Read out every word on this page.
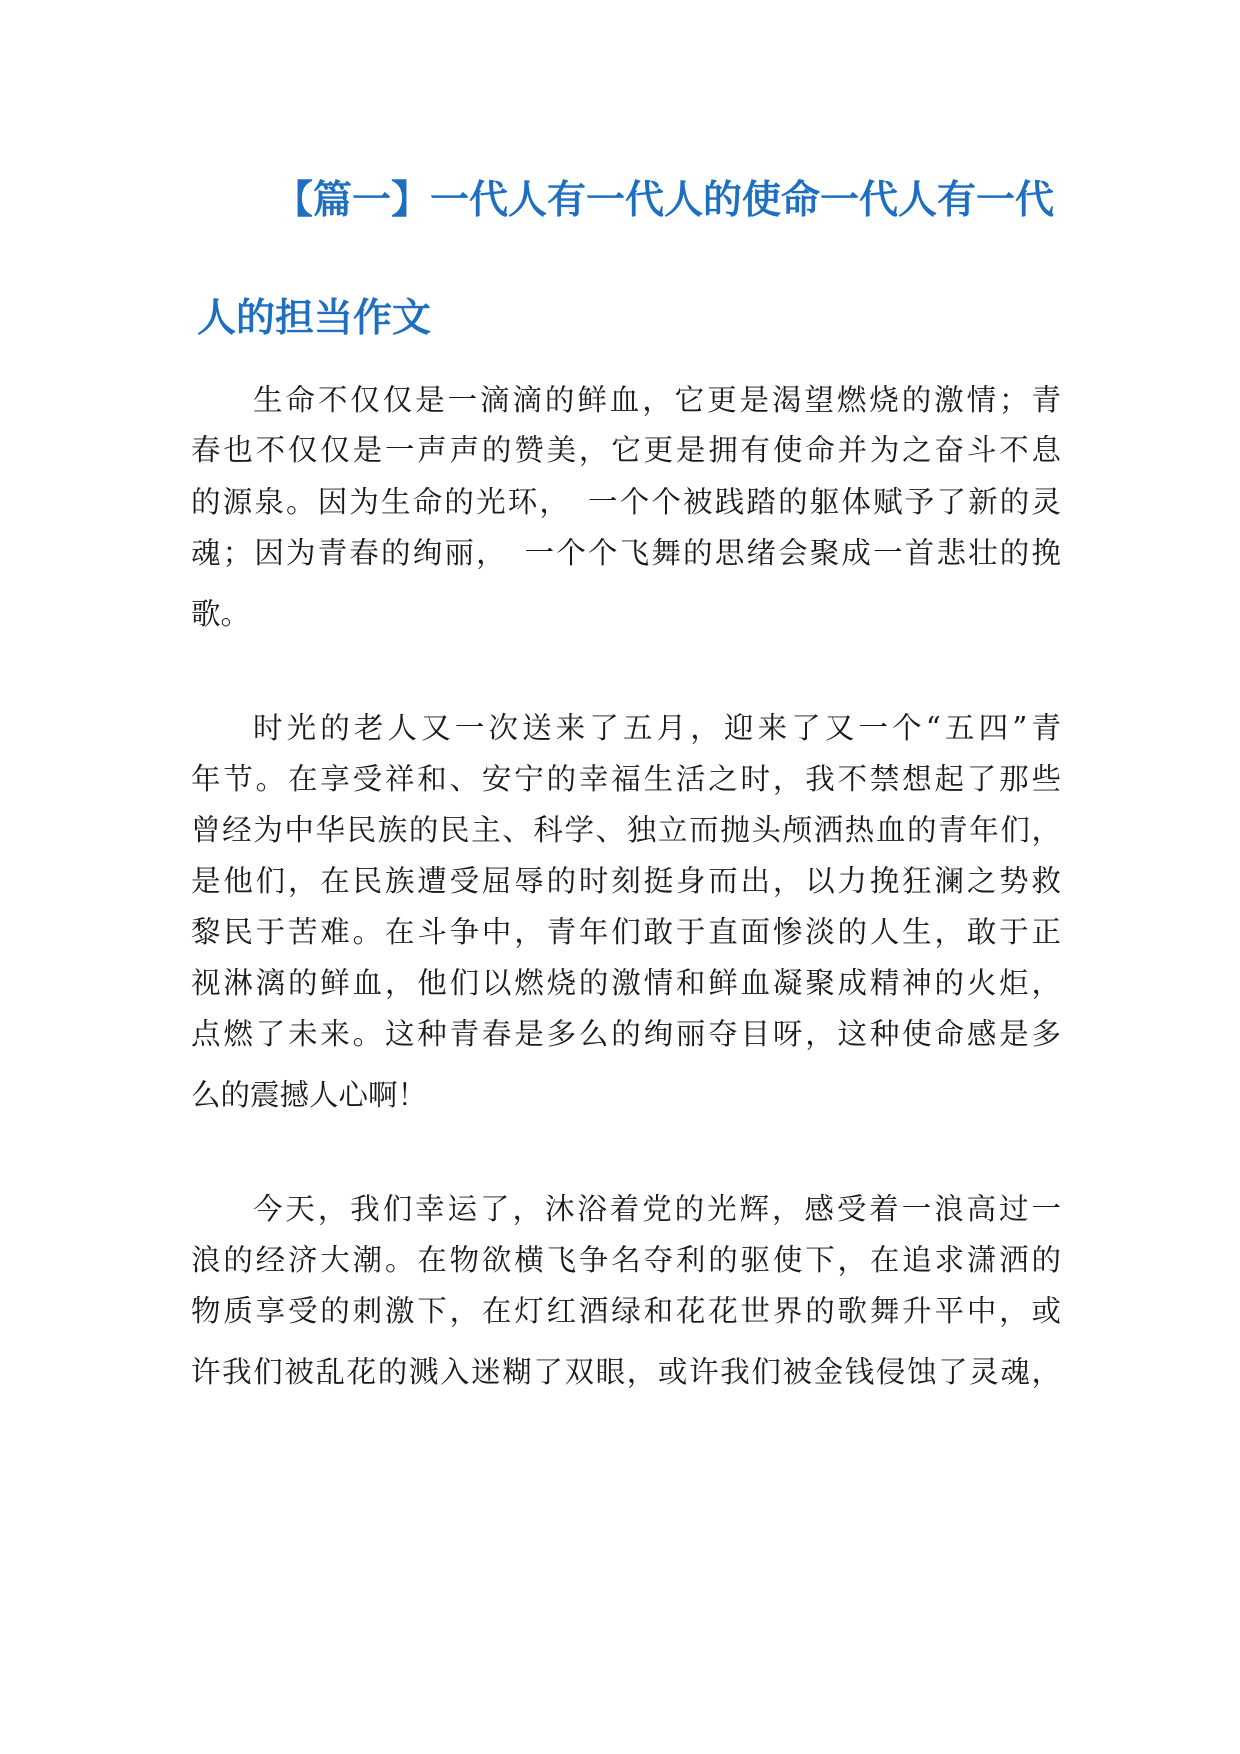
【篇一】一代人有一代人的使命一代人有一代
人的担当作文
生命不仅仅是一滴滴的鲜血，它更是渴望燃烧的激情；青
春也不仅仅是一声声的赞美，它更是拥有使命并为之奋斗不息
的源泉。因为生命的光环，　一个个被践踏的躯体赋予了新的灵
魂；因为青春的绚丽，　一个个飞舞的思绪会聚成一首悲壮的挽
歌。
时光的老人又一次送来了五月，迎来了又一个“五四”青
年节。在享受祥和、安宁的幸福生活之时，我不禁想起了那些
曾经为中华民族的民主、科学、独立而抛头颅洒热血的青年们，
是他们，在民族遭受屈辱的时刻挺身而出，以力挽狂澜之势救
黎民于苦难。在斗争中，青年们敢于直面惨淡的人生，敢于正
视淋漓的鲜血，他们以燃烧的激情和鲜血凝聚成精神的火炬，
点燃了未来。这种青春是多么的绚丽夺目呀，这种使命感是多
么的震撼人心啊！
今天，我们幸运了，沐浴着党的光辉，感受着一浪高过一
浪的经济大潮。在物欲横飞争名夺利的驱使下，在追求潇洒的
物质享受的刺激下，在灯红酒绿和花花世界的歌舞升平中，或
许我们被乱花的溅入迷糊了双眼，或许我们被金钱侵蚀了灵魂，
